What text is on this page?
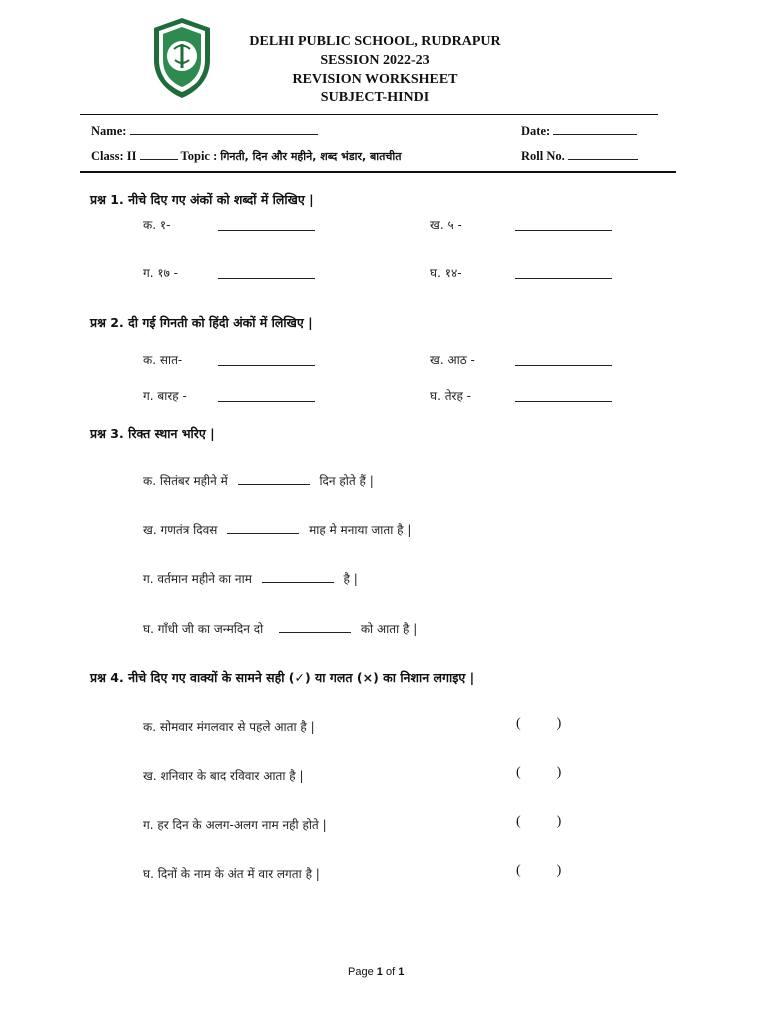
DELHI PUBLIC SCHOOL, RUDRAPUR
SESSION 2022-23
REVISION WORKSHEET
SUBJECT-HINDI
Name:	Date:
Class: II	Topic : गिनती, दिन और महीने, शब्द भंडार, बातचीत	Roll No.
प्रश्न 1. नीचे दिए गए अंकों को शब्दों में लिखिए |
क. १-	ख. ५ -
ग. १७ -	घ. १४-
प्रश्न 2. दी गई गिनती को हिंदी अंकों में लिखिए |
क. सात-	ख. आठ -
ग. बारह -	घ. तेरह -
प्रश्न 3. रिक्त स्थान भरिए |
क. सितंबर महीने में	दिन होते हैं |
ख. गणतंत्र दिवस	माह मे मनाया जाता है |
ग. वर्तमान महीने का नाम	है |
घ. गाँधी जी का जन्मदिन दो	को आता है |
प्रश्न 4. नीचे दिए गए वाक्यों के सामने सही (✓) या गलत (×) का निशान लगाइए |
क. सोमवार मंगलवार से पहले आता है |	(	)
ख. शनिवार के बाद रविवार आता है |	(	)
ग. हर दिन के अलग-अलग नाम नही होते |	(	)
घ. दिनों के नाम के अंत में वार लगता है |	(	)
Page 1 of 1
